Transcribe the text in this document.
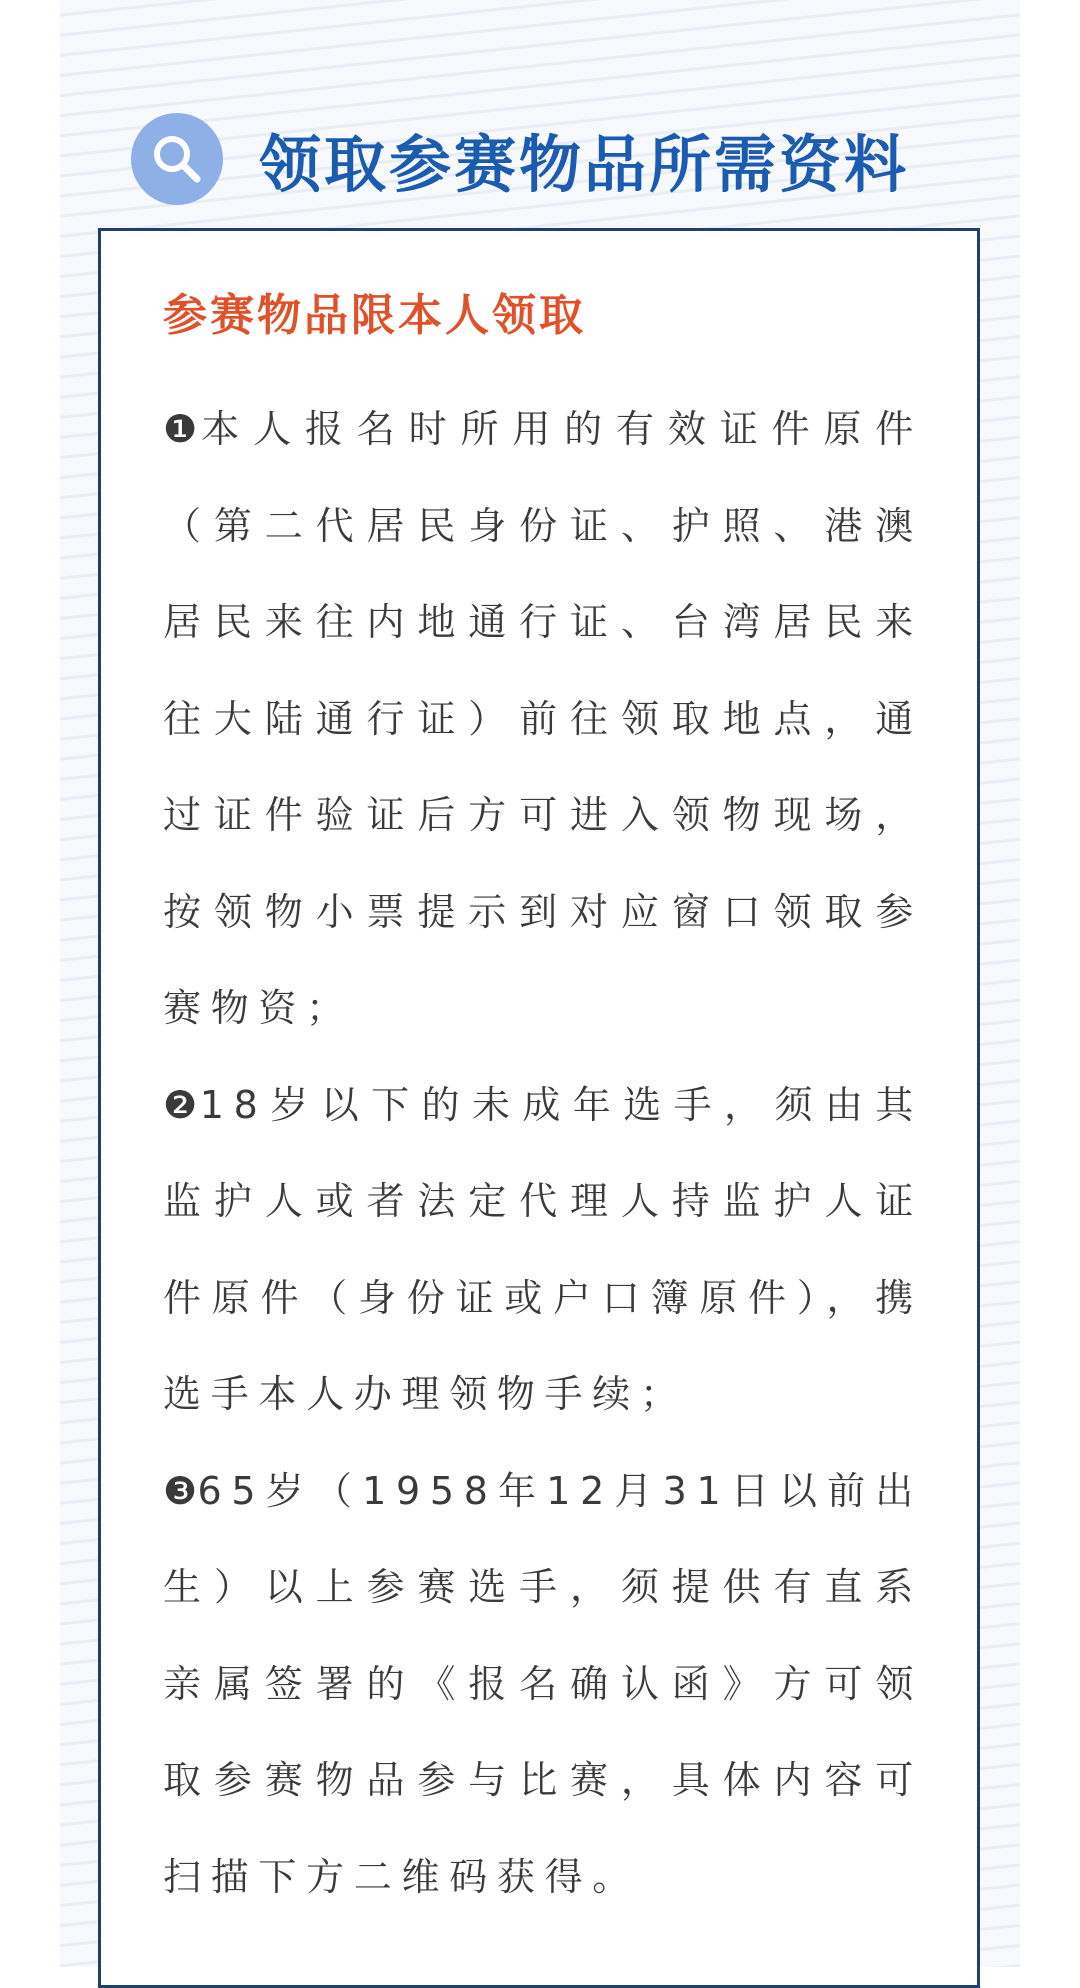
领取参赛物品所需资料
参赛物品限本人领取

❶本人报名时所用的有效证件原件（第二代居民身份证、护照、港澳居民来往内地通行证、台湾居民来往大陆通行证）前往领取地点，通过证件验证后方可进入领物现场，按领物小票提示到对应窗口领取参赛物资；

❷18岁以下的未成年选手，须由其监护人或者法定代理人持监护人证件原件（身份证或户口簿原件），携选手本人办理领物手续；

❸65岁（1958年12月31日以前出生）以上参赛选手，须提供有直系亲属签署的《报名确认函》方可领取参赛物品参与比赛，具体内容可扫描下方二维码获得。
